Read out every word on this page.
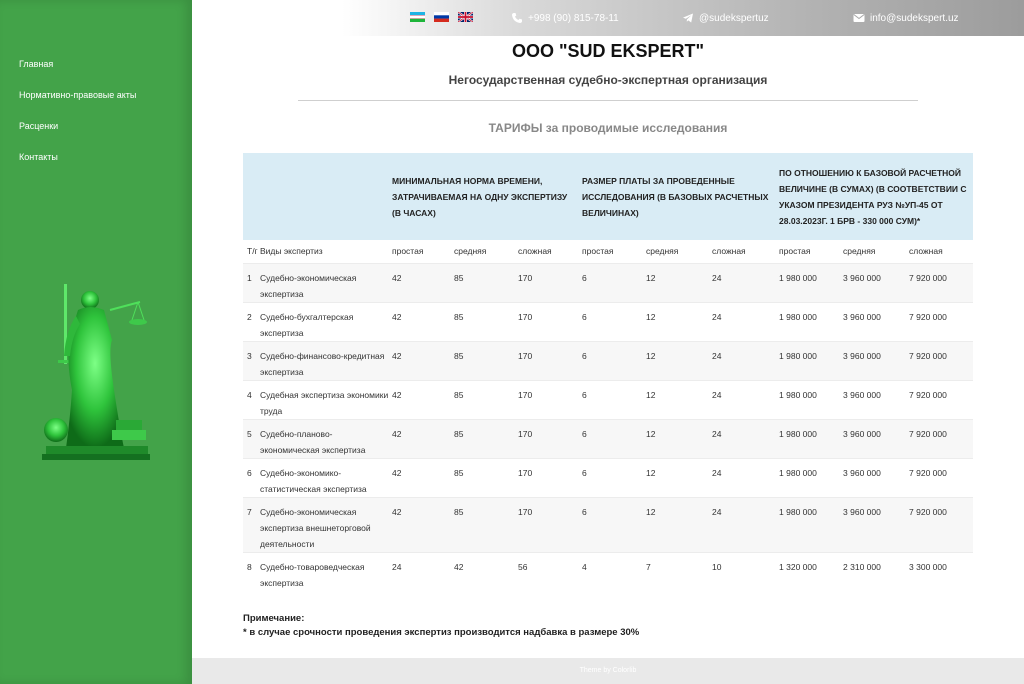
Главная
Нормативно-правовые акты
Расценки
Контакты
+998 (90) 815-78-11	@sudekspertuz	info@sudekspert.uz
ООО "SUD EKSPERT"
Негосударственная судебно-экспертная организация
ТАРИФЫ за проводимые исследования
		МИНИМАЛЬНАЯ НОРМА ВРЕМЕНИ, ЗАТРАЧИВАЕМАЯ НА ОДНУ ЭКСПЕРТИЗУ (В ЧАСАХ)			РАЗМЕР ПЛАТЫ ЗА ПРОВЕДЕННЫЕ ИССЛЕДОВАНИЯ (В БАЗОВЫХ РАСЧЕТНЫХ ВЕЛИЧИНАХ)			ПО ОТНОШЕНИЮ К БАЗОВОЙ РАСЧЕТНОЙ ВЕЛИЧИНЕ (В СУМАХ) (В СООТВЕТСТВИИ С УКАЗОМ ПРЕЗИДЕНТА РУЗ №УП-45 ОТ 28.03.2023Г. 1 БРВ - 330 000 СУМ)*		
Т/г	Виды экспертиз	простая	средняя	сложная	простая	средняя	сложная	простая	средняя	сложная
1	Судебно-экономическая экспертиза	42	85	170	6	12	24	1 980 000	3 960 000	7 920 000
2	Судебно-бухгалтерская экспертиза	42	85	170	6	12	24	1 980 000	3 960 000	7 920 000
3	Судебно-финансово-кредитная экспертиза	42	85	170	6	12	24	1 980 000	3 960 000	7 920 000
4	Судебная экспертиза экономики труда	42	85	170	6	12	24	1 980 000	3 960 000	7 920 000
5	Судебно-планово-экономическая экспертиза	42	85	170	6	12	24	1 980 000	3 960 000	7 920 000
6	Судебно-экономико-статистическая экспертиза	42	85	170	6	12	24	1 980 000	3 960 000	7 920 000
7	Судебно-экономическая экспертиза внешнеторговой деятельности	42	85	170	6	12	24	1 980 000	3 960 000	7 920 000
8	Судебно-товароведческая экспертиза	24	42	56	4	7	10	1 320 000	2 310 000	3 300 000
Примечание:
* в случае срочности проведения экспертиз производится надбавка в размере 30%
Theme by Colorlib
